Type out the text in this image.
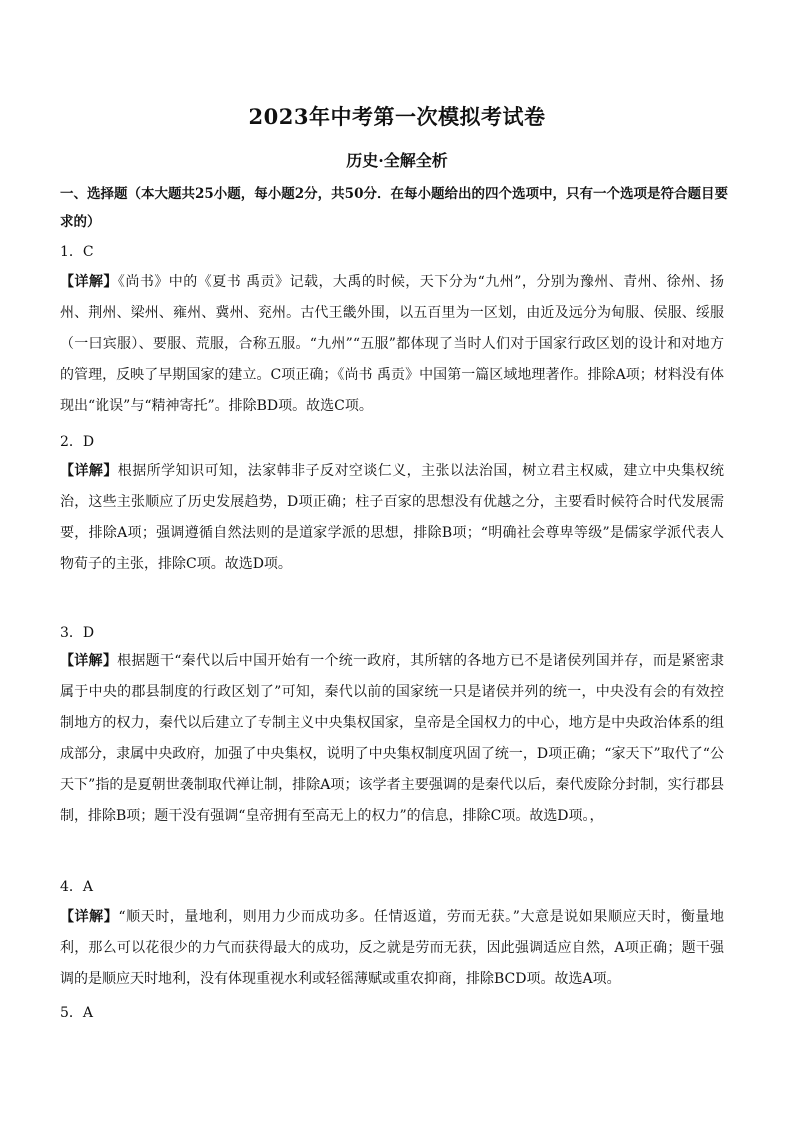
2023年中考第一次模拟考试卷
历史·全解全析
一、选择题（本大题共25小题，每小题2分，共50分．在每小题给出的四个选项中，只有一个选项是符合题目要求的）
1．C
【详解】《尚书》中的《夏书 禹贡》记载，大禹的时候，天下分为“九州”，分别为豫州、青州、徐州、扬州、荆州、梁州、雍州、冀州、兖州。古代王畿外围，以五百里为一区划，由近及远分为甸服、侯服、绥服（一曰宾服）、要服、荒服，合称五服。“九州”“五服”都体现了当时人们对于国家行政区划的设计和对地方的管理，反映了早期国家的建立。C项正确；《尚书 禹贡》中国第一篇区域地理著作。排除A项；材料没有体现出“讹误”与“精神寄托”。排除BD项。故选C项。
2．D
【详解】根据所学知识可知，法家韩非子反对空谈仁义，主张以法治国，树立君主权威，建立中央集权统治，这些主张顺应了历史发展趋势，D项正确；柱子百家的思想没有优越之分，主要看时候符合时代发展需要，排除A项；强调遵循自然法则的是道家学派的思想，排除B项；“明确社会尊卑等级”是儒家学派代表人物荀子的主张，排除C项。故选D项。
3．D
【详解】根据题干“秦代以后中国开始有一个统一政府，其所辖的各地方已不是诸侯列国并存，而是紧密隶属于中央的郡县制度的行政区划了”可知，秦代以前的国家统一只是诸侯并列的统一，中央没有会的有效控制地方的权力，秦代以后建立了专制主义中央集权国家，皇帝是全国权力的中心，地方是中央政治体系的组成部分，隶属中央政府，加强了中央集权，说明了中央集权制度巩固了统一，D项正确；“家天下”取代了“公天下”指的是夏朝世袭制取代禅让制，排除A项；该学者主要强调的是秦代以后，秦代废除分封制，实行郡县制，排除B项；题干没有强调“皇帝拥有至高无上的权力”的信息，排除C项。故选D项。，
4．A
【详解】“顺天时，量地利，则用力少而成功多。任情返道，劳而无获。”大意是说如果顺应天时，衡量地利，那么可以花很少的力气而获得最大的成功，反之就是劳而无获，因此强调适应自然，A项正确；题干强调的是顺应天时地利，没有体现重视水利或轻徭薄赋或重农抑商，排除BCD项。故选A项。
5．A
